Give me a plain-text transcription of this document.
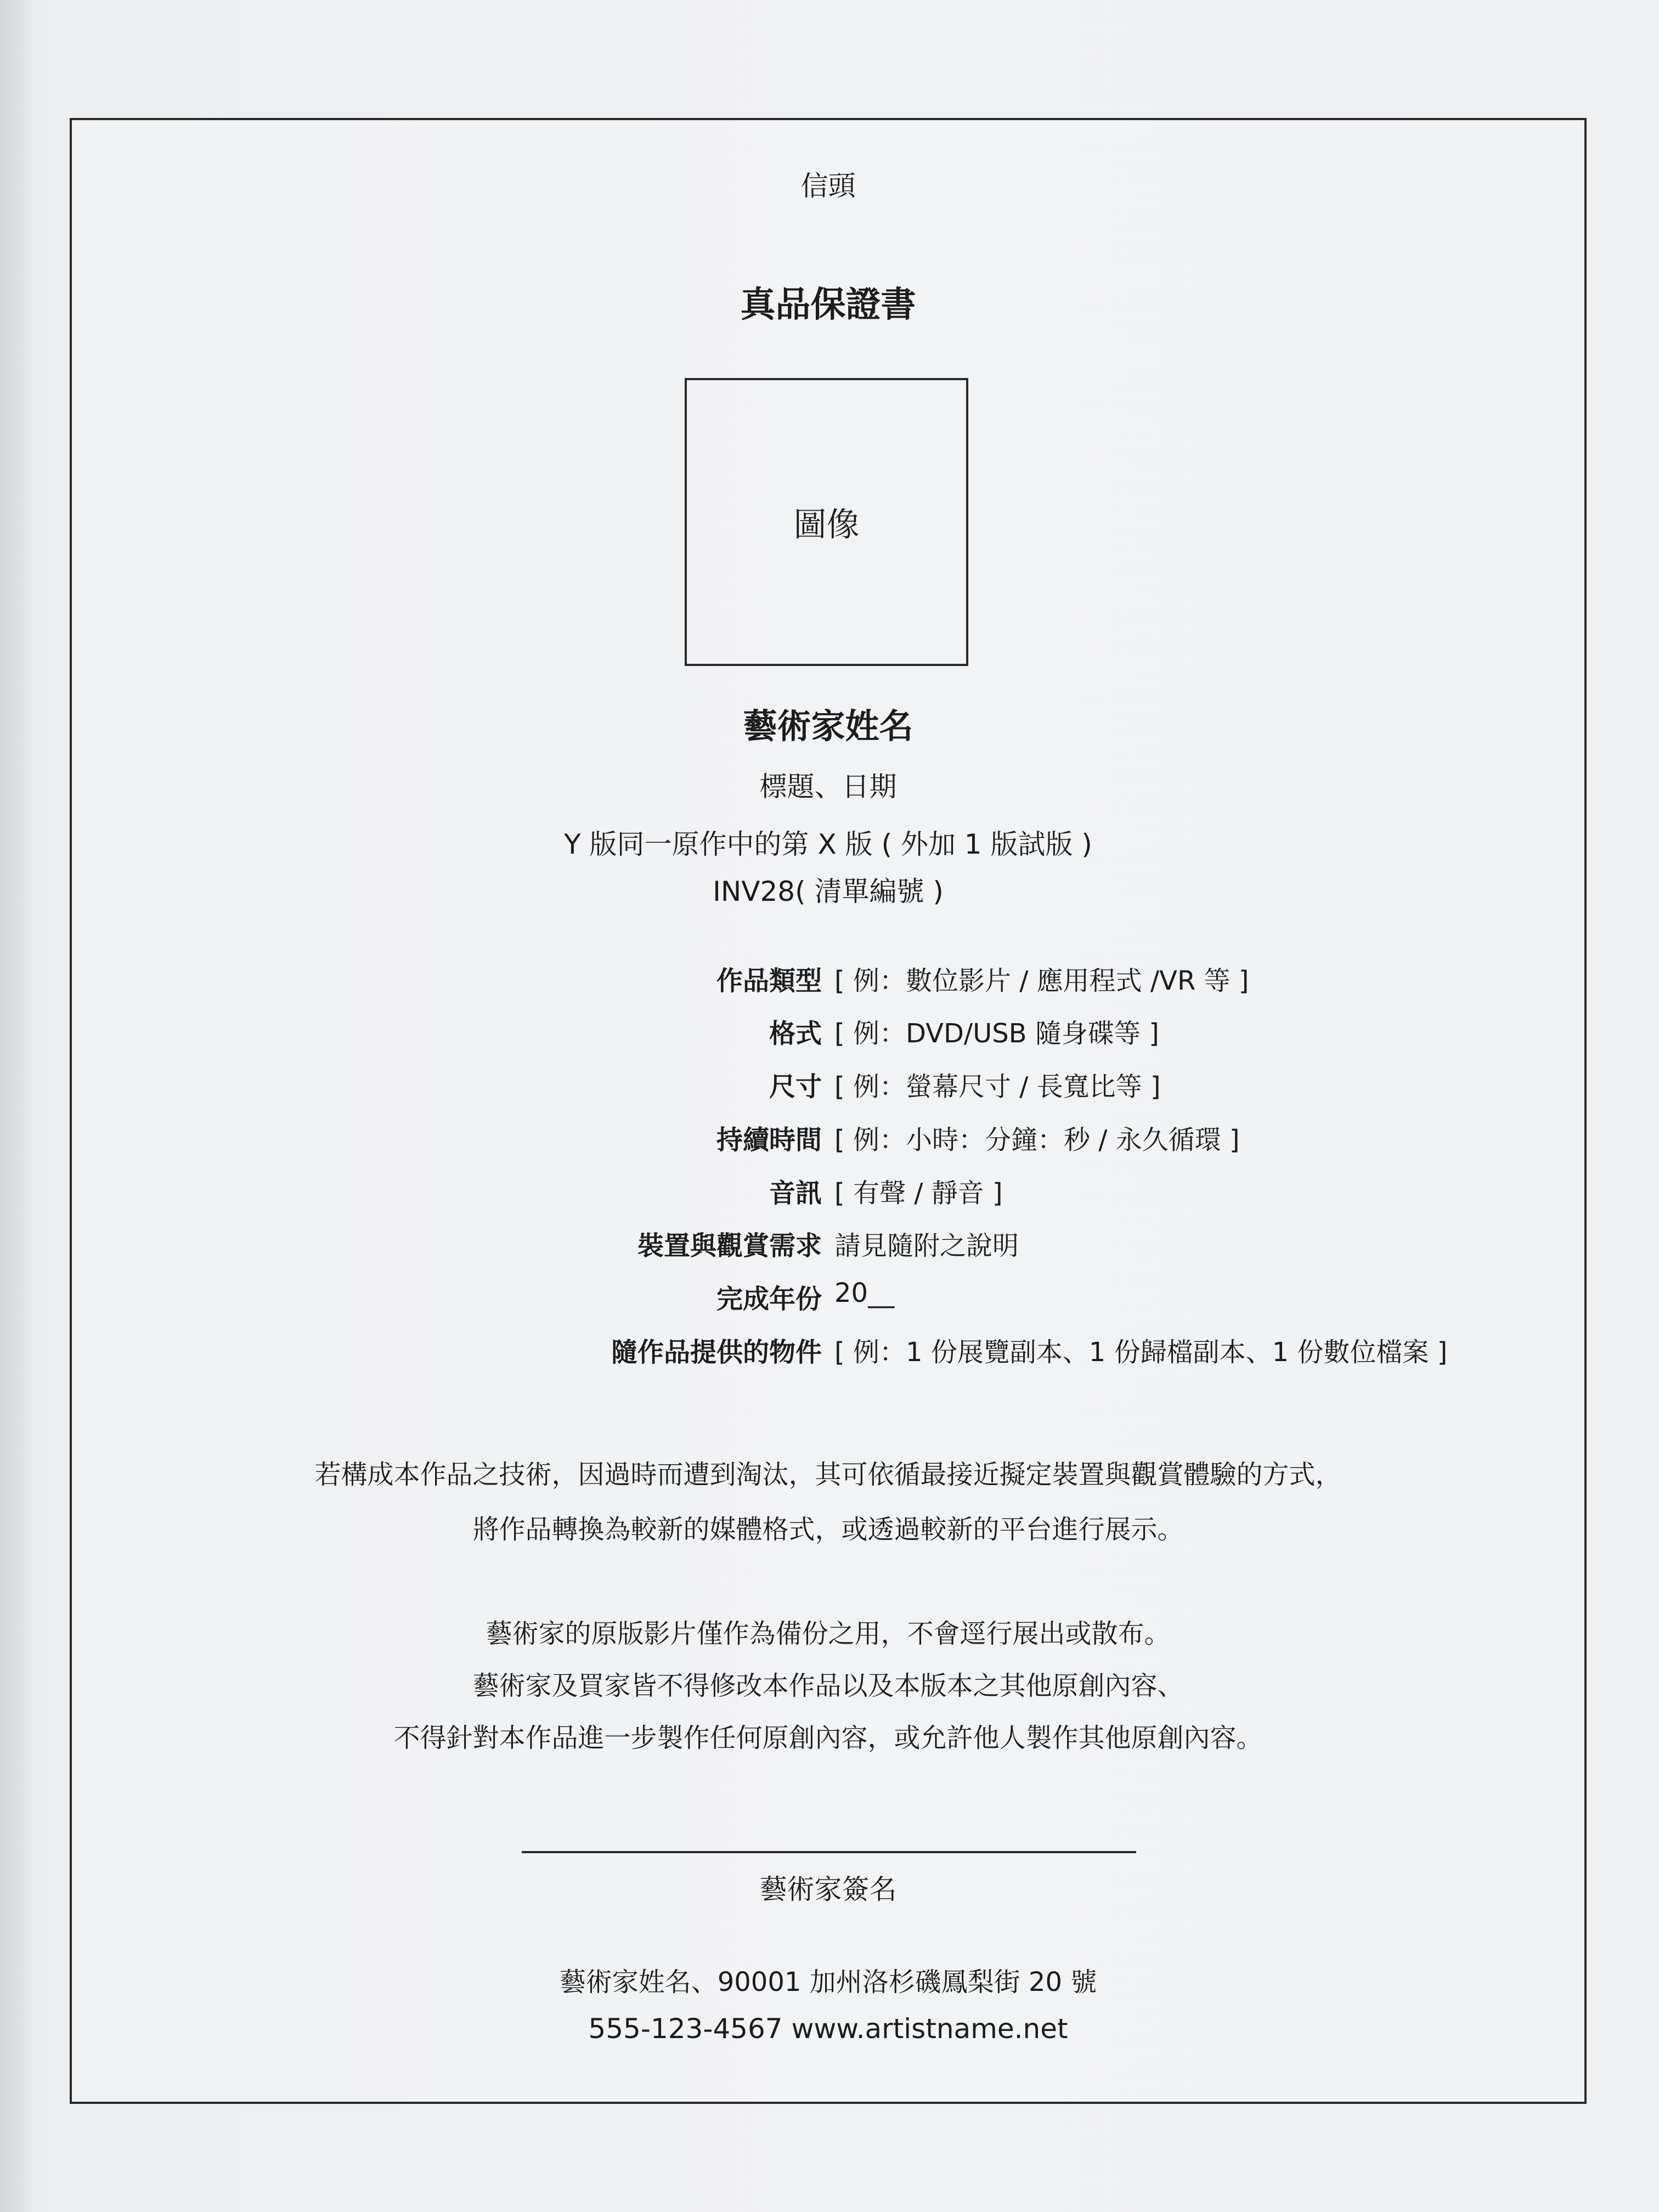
信頭
真品保證書
圖像
藝術家姓名
標題、日期
Y 版同一原作中的第 X 版 ( 外加 1 版試版 )
INV28( 清單編號 )
作品類型 [ 例：數位影片 / 應用程式 /VR 等 ]
格式 [ 例：DVD/USB 隨身碟等 ]
尺寸 [ 例：螢幕尺寸 / 長寬比等 ]
持續時間 [ 例：小時：分鐘：秒 / 永久循環 ]
音訊 [ 有聲 / 靜音 ]
裝置與觀賞需求 請見隨附之說明
完成年份 20__
隨作品提供的物件 [ 例：1 份展覽副本、1 份歸檔副本、1 份數位檔案 ]
若構成本作品之技術，因過時而遭到淘汰，其可依循最接近擬定裝置與觀賞體驗的方式，
將作品轉換為較新的媒體格式，或透過較新的平台進行展示。
藝術家的原版影片僅作為備份之用，不會逕行展出或散布。
藝術家及買家皆不得修改本作品以及本版本之其他原創內容、
不得針對本作品進一步製作任何原創內容，或允許他人製作其他原創內容。
藝術家簽名
藝術家姓名、90001 加州洛杉磯鳳梨街 20 號
555-123-4567 www.artistname.net
